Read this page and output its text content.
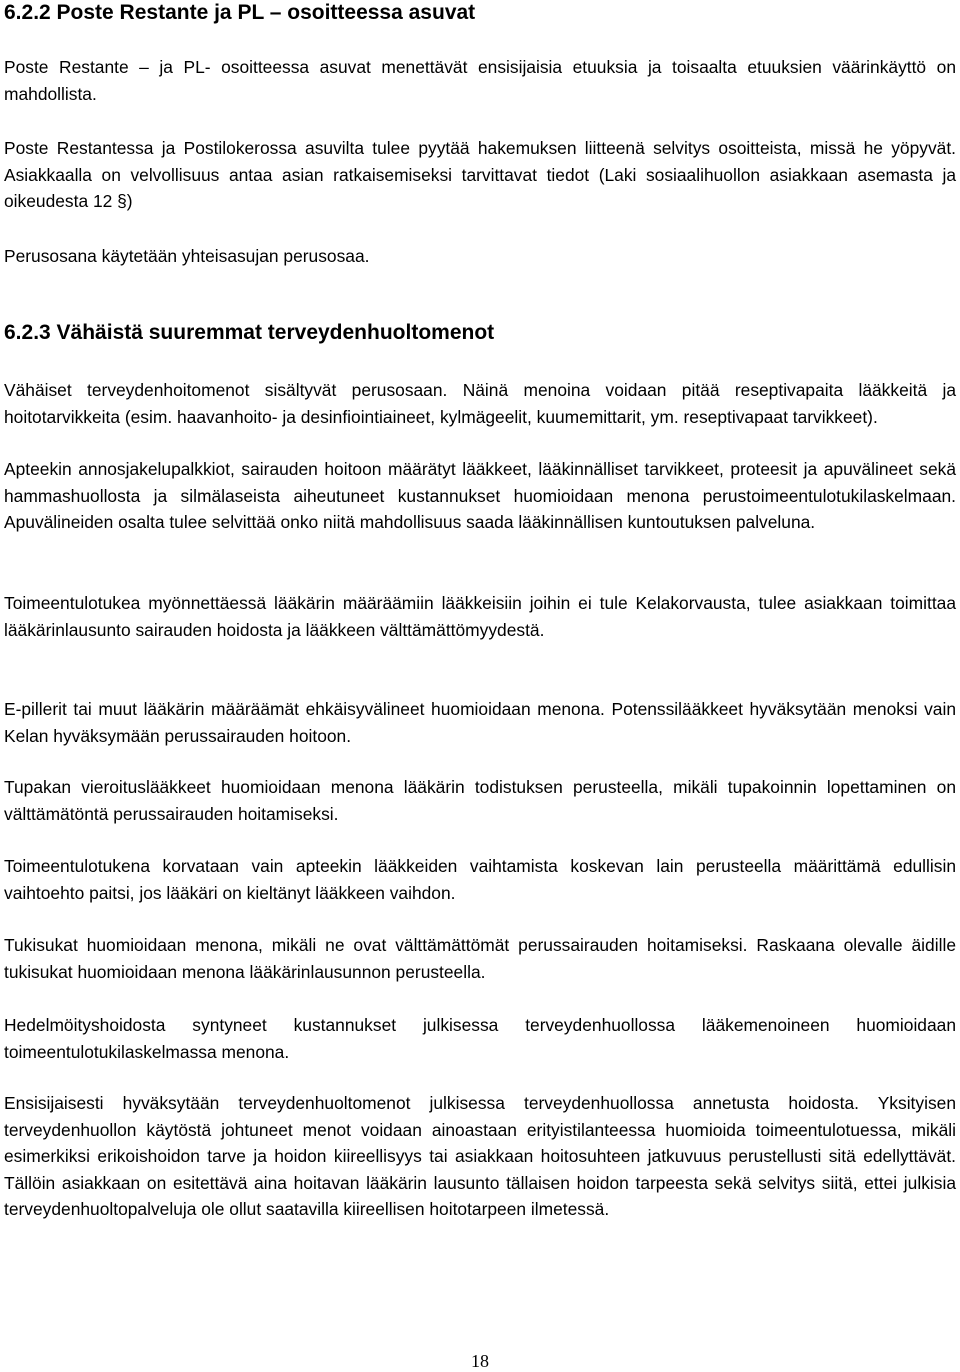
6.2.2 Poste Restante ja PL – osoitteessa asuvat

Poste Restante – ja PL- osoitteessa asuvat menettävät ensisijaisia etuuksia ja toisaalta etuuksien väärinkäyttö on mahdollista.

Poste Restantessa ja Postilokerossa asuvilta tulee pyytää hakemuksen liitteenä selvitys osoitteista, missä he yöpyvät. Asiakkaalla on velvollisuus antaa asian ratkaisemiseksi tarvittavat tiedot (Laki sosiaalihuollon asiakkaan asemasta ja oikeudesta 12 §)

Perusosana käytetään yhteisasujan perusosaa.

6.2.3 Vähäistä suuremmat terveydenhuoltomenot

Vähäiset terveydenhoitomenot sisältyvät perusosaan. Näinä menoina voidaan pitää reseptivapaita lääkkeitä ja hoitotarvikkeita (esim. haavanhoito- ja desinfiointiaineet, kylmägeelit, kuumemittarit, ym. reseptivapaat tarvikkeet).

Apteekin annosjakelupalkkiot, sairauden hoitoon määrätyt lääkkeet, lääkinnälliset tarvikkeet, proteesit ja apuvälineet sekä hammashuollosta ja silmälaseista aiheutuneet kustannukset huomioidaan menona perustoimeentulotukilaskelmaan. Apuvälineiden osalta tulee selvittää onko niitä mahdollisuus saada lääkinnällisen kuntoutuksen palveluna.

Toimeentulotukea myönnettäessä lääkärin määräämiin lääkkeisiin joihin ei tule Kelakorvausta, tulee asiakkaan toimittaa lääkärinlausunto sairauden hoidosta ja lääkkeen välttämättömyydestä.

E-pillerit tai muut lääkärin määräämät ehkäisyvälineet huomioidaan menona. Potenssilääkkeet hyväksytään menoksi vain Kelan hyväksymään perussairauden hoitoon.

Tupakan vieroituslääkkeet huomioidaan menona lääkärin todistuksen perusteella, mikäli tupakoinnin lopettaminen on välttämätöntä perussairauden hoitamiseksi.

Toimeentulotukena korvataan vain apteekin lääkkeiden vaihtamista koskevan lain perusteella määrittämä edullisin vaihtoehto paitsi, jos lääkäri on kieltänyt lääkkeen vaihdon.

Tukisukat huomioidaan menona, mikäli ne ovat välttämättömät perussairauden hoitamiseksi. Raskaana olevalle äidille tukisukat huomioidaan menona lääkärinlausunnon perusteella.

Hedelmöityshoidosta syntyneet kustannukset julkisessa terveydenhuollossa lääkemenoineen huomioidaan toimeentulotukilaskelmassa menona.

Ensisijaisesti hyväksytään terveydenhuoltomenot julkisessa terveydenhuollossa annetusta hoidosta. Yksityisen terveydenhuollon käytöstä johtuneet menot voidaan ainoastaan erityistilanteessa huomioida toimeentulotuessa, mikäli esimerkiksi erikoishoidon tarve ja hoidon kiireellisyys tai asiakkaan hoitosuhteen jatkuvuus perustellusti sitä edellyttävät. Tällöin asiakkaan on esitettävä aina hoitavan lääkärin lausunto tällaisen hoidon tarpeesta sekä selvitys siitä, ettei julkisia terveydenhuoltopalveluja ole ollut saatavilla kiireellisen hoitotarpeen ilmetessä.

18
